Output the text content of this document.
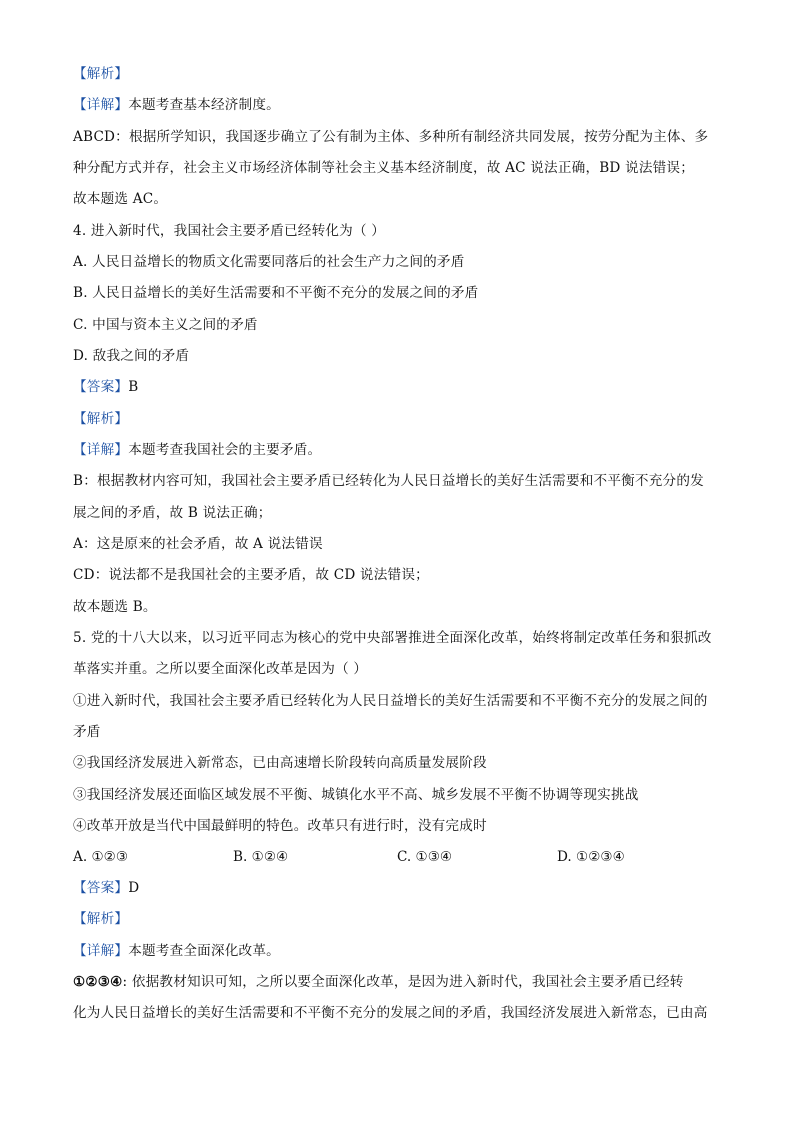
【解析】
【详解】本题考查基本经济制度。
ABCD：根据所学知识，我国逐步确立了公有制为主体、多种所有制经济共同发展，按劳分配为主体、多
种分配方式并存，社会主义市场经济体制等社会主义基本经济制度，故 AC 说法正确，BD 说法错误；
故本题选 AC。
4. 进入新时代，我国社会主要矛盾已经转化为（ ）
A. 人民日益增长的物质文化需要同落后的社会生产力之间的矛盾
B. 人民日益增长的美好生活需要和不平衡不充分的发展之间的矛盾
C. 中国与资本主义之间的矛盾
D. 敌我之间的矛盾
【答案】B
【解析】
【详解】本题考查我国社会的主要矛盾。
B：根据教材内容可知，我国社会主要矛盾已经转化为人民日益增长的美好生活需要和不平衡不充分的发
展之间的矛盾，故 B 说法正确；
A：这是原来的社会矛盾，故 A 说法错误
CD：说法都不是我国社会的主要矛盾，故 CD 说法错误；
故本题选 B。
5. 党的十八大以来，以习近平同志为核心的党中央部署推进全面深化改革，始终将制定改革任务和狠抓改
革落实并重。之所以要全面深化改革是因为（ ）
①进入新时代，我国社会主要矛盾已经转化为人民日益增长的美好生活需要和不平衡不充分的发展之间的
矛盾
②我国经济发展进入新常态，已由高速增长阶段转向高质量发展阶段
③我国经济发展还面临区域发展不平衡、城镇化水平不高、城乡发展不平衡不协调等现实挑战
④改革开放是当代中国最鲜明的特色。改革只有进行时，没有完成时
A. ①②③	B. ①②④	C. ①③④	D. ①②③④
【答案】D
【解析】
【详解】本题考查全面深化改革。
①②③④: 依据教材知识可知，之所以要全面深化改革，是因为进入新时代，我国社会主要矛盾已经转
化为人民日益增长的美好生活需要和不平衡不充分的发展之间的矛盾，我国经济发展进入新常态，已由高
